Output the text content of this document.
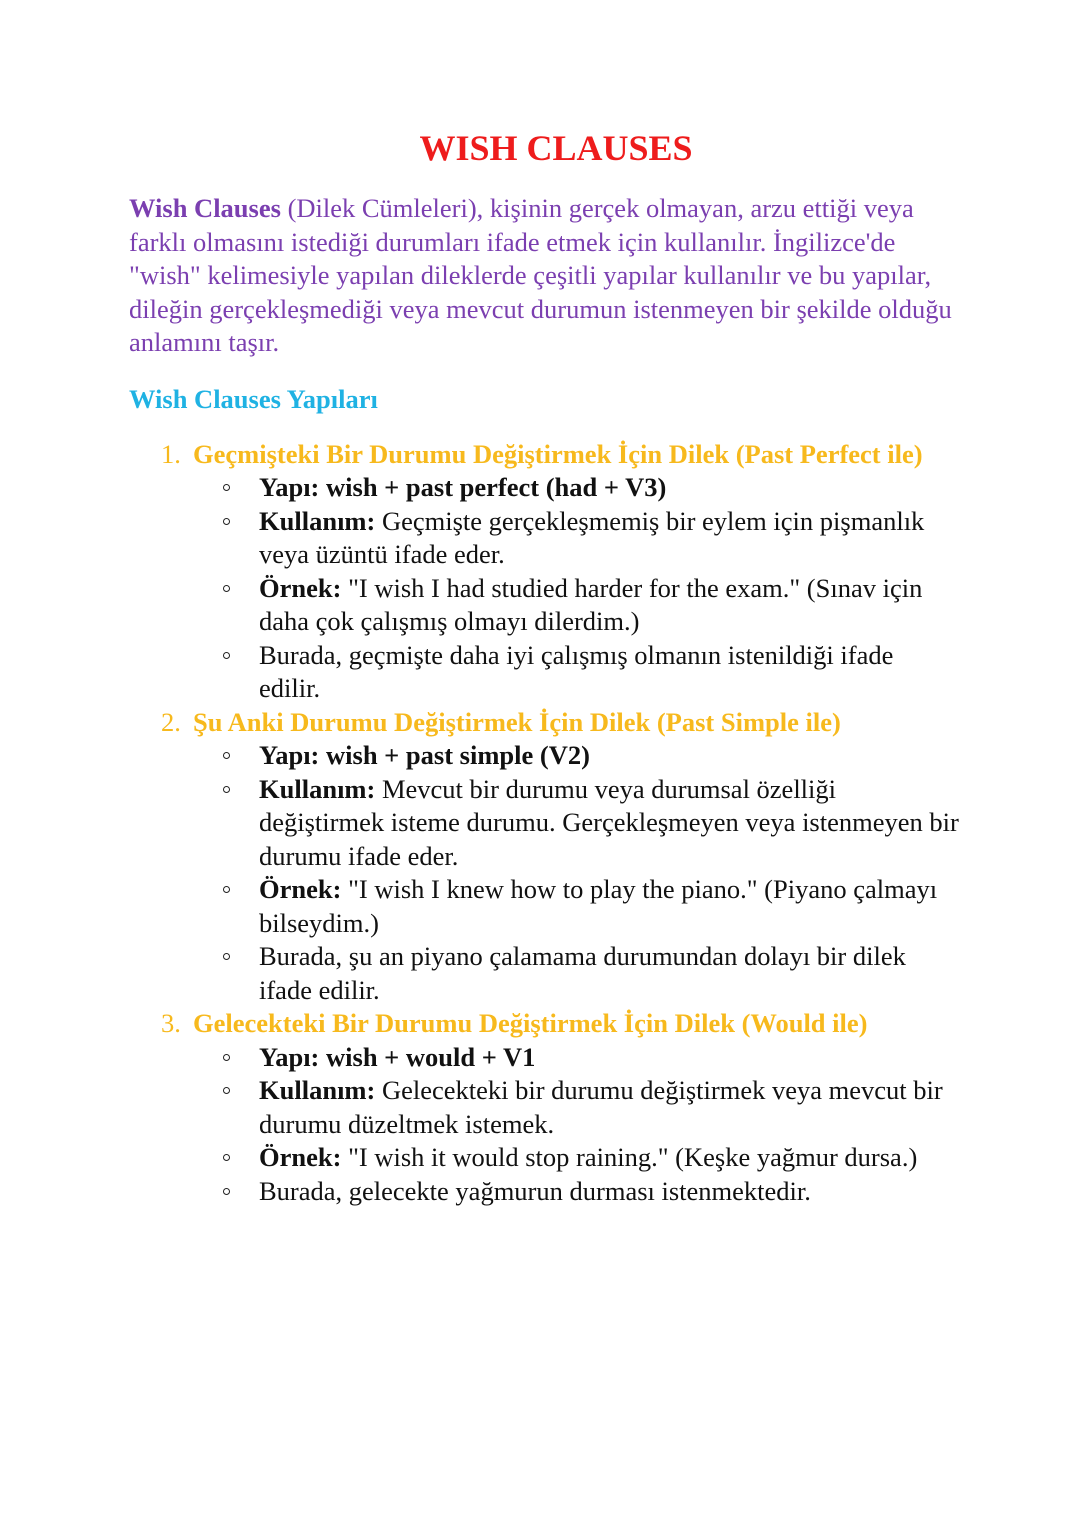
WISH CLAUSES

Wish Clauses (Dilek Cümleleri), kişinin gerçek olmayan, arzu ettiği veya farklı olmasını istediği durumları ifade etmek için kullanılır. İngilizce'de "wish" kelimesiyle yapılan dileklerde çeşitli yapılar kullanılır ve bu yapılar, dileğin gerçekleşmediği veya mevcut durumun istenmeyen bir şekilde olduğu anlamını taşır.

Wish Clauses Yapıları
1. Geçmişteki Bir Durumu Değiştirmek İçin Dilek (Past Perfect ile)

Yapı: wish + past perfect (had + V3)
Kullanım: Geçmişte gerçekleşmemiş bir eylem için pişmanlık veya üzüntü ifade eder.
Örnek: "I wish I had studied harder for the exam." (Sınav için daha çok çalışmış olmayı dilerdim.)
Burada, geçmişte daha iyi çalışmış olmanın istenildiği ifade edilir.
2. Şu Anki Durumu Değiştirmek İçin Dilek (Past Simple ile)

Yapı: wish + past simple (V2)
Kullanım: Mevcut bir durumu veya durumsal özelliği değiştirmek isteme durumu. Gerçekleşmeyen veya istenmeyen bir durumu ifade eder.
Örnek: "I wish I knew how to play the piano." (Piyano çalmayı bilseydim.)
Burada, şu an piyano çalamama durumundan dolayı bir dilek ifade edilir.
3. Gelecekteki Bir Durumu Değiştirmek İçin Dilek (Would ile)

Yapı: wish + would + V1
Kullanım: Gelecekteki bir durumu değiştirmek veya mevcut bir durumu düzeltmek istemek.
Örnek: "I wish it would stop raining." (Keşke yağmur dursa.)
Burada, gelecekte yağmurun durması istenmektedir.
